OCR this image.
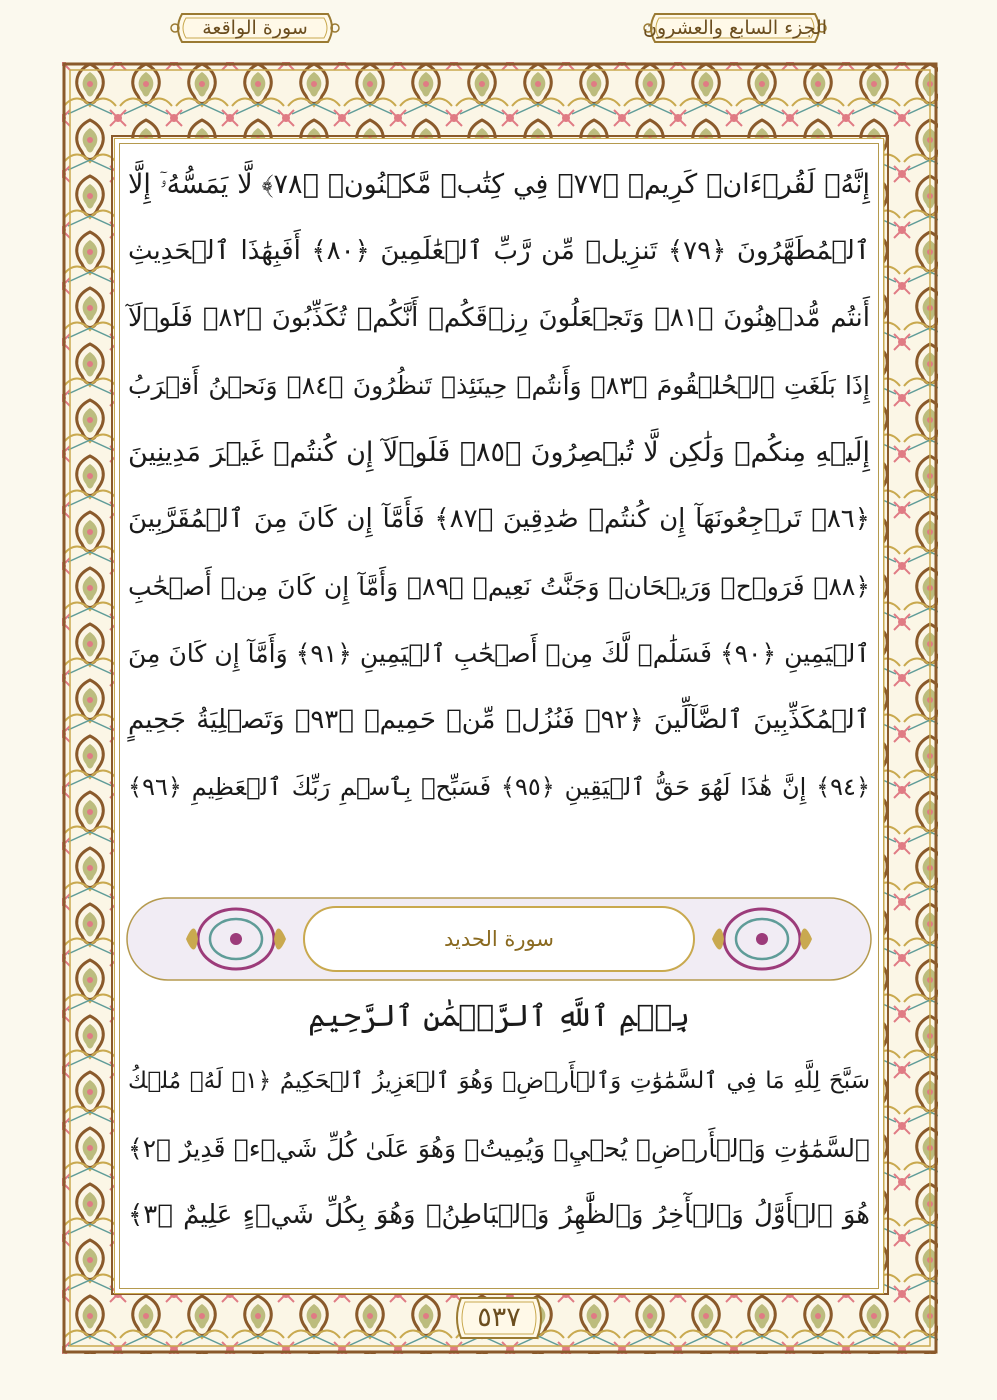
سورة الواقعة	الجزء السابع والعشرون
إِنَّهُۥ لَقُرۡءَانٞ كَرِيمٞ ﴿٧٧﴾ فِي كِتَٰبٖ مَّكۡنُونٖ ﴿٧٨﴾ لَّا يَمَسُّهُۥٓ إِلَّا
ٱلۡمُطَهَّرُونَ ﴿٧٩﴾ تَنزِيلٞ مِّن رَّبِّ ٱلۡعَٰلَمِينَ ﴿٨٠﴾ أَفَبِهَٰذَا ٱلۡحَدِيثِ
أَنتُم مُّدۡهِنُونَ ﴿٨١﴾ وَتَجۡعَلُونَ رِزۡقَكُمۡ أَنَّكُمۡ تُكَذِّبُونَ ﴿٨٢﴾ فَلَوۡلَآ
إِذَا بَلَغَتِ ٱلۡحُلۡقُومَ ﴿٨٣﴾ وَأَنتُمۡ حِينَئِذٖ تَنظُرُونَ ﴿٨٤﴾ وَنَحۡنُ أَقۡرَبُ
إِلَيۡهِ مِنكُمۡ وَلَٰكِن لَّا تُبۡصِرُونَ ﴿٨٥﴾ فَلَوۡلَآ إِن كُنتُمۡ غَيۡرَ مَدِينِينَ
﴿٨٦﴾ تَرۡجِعُونَهَآ إِن كُنتُمۡ صَٰدِقِينَ ﴿٨٧﴾ فَأَمَّآ إِن كَانَ مِنَ ٱلۡمُقَرَّبِينَ
﴿٨٨﴾ فَرَوۡحٞ وَرَيۡحَانٞ وَجَنَّتُ نَعِيمٖ ﴿٨٩﴾ وَأَمَّآ إِن كَانَ مِنۡ أَصۡحَٰبِ
ٱلۡيَمِينِ ﴿٩٠﴾ فَسَلَٰمٞ لَّكَ مِنۡ أَصۡحَٰبِ ٱلۡيَمِينِ ﴿٩١﴾ وَأَمَّآ إِن كَانَ مِنَ
ٱلۡمُكَذِّبِينَ ٱلضَّآلِّينَ ﴿٩٢﴾ فَنُزُلٞ مِّنۡ حَمِيمٖ ﴿٩٣﴾ وَتَصۡلِيَةُ جَحِيمٍ
﴿٩٤﴾ إِنَّ هَٰذَا لَهُوَ حَقُّ ٱلۡيَقِينِ ﴿٩٥﴾ فَسَبِّحۡ بِٱسۡمِ رَبِّكَ ٱلۡعَظِيمِ ﴿٩٦﴾
سورة الحديد
بِسۡمِ ٱللَّهِ ٱلرَّحۡمَٰنِ ٱلرَّحِيمِ
سَبَّحَ لِلَّهِ مَا فِي ٱلسَّمَٰوَٰتِ وَٱلۡأَرۡضِۖ وَهُوَ ٱلۡعَزِيزُ ٱلۡحَكِيمُ ﴿١﴾ لَهُۥ مُلۡكُ
ٱلسَّمَٰوَٰتِ وَٱلۡأَرۡضِۖ يُحۡيِۦ وَيُمِيتُۖ وَهُوَ عَلَىٰ كُلِّ شَيۡءٖ قَدِيرٌ ﴿٢﴾
هُوَ ٱلۡأَوَّلُ وَٱلۡأٓخِرُ وَٱلظَّٰهِرُ وَٱلۡبَاطِنُۖ وَهُوَ بِكُلِّ شَيۡءٍ عَلِيمٌ ﴿٣﴾
٥٣٧
